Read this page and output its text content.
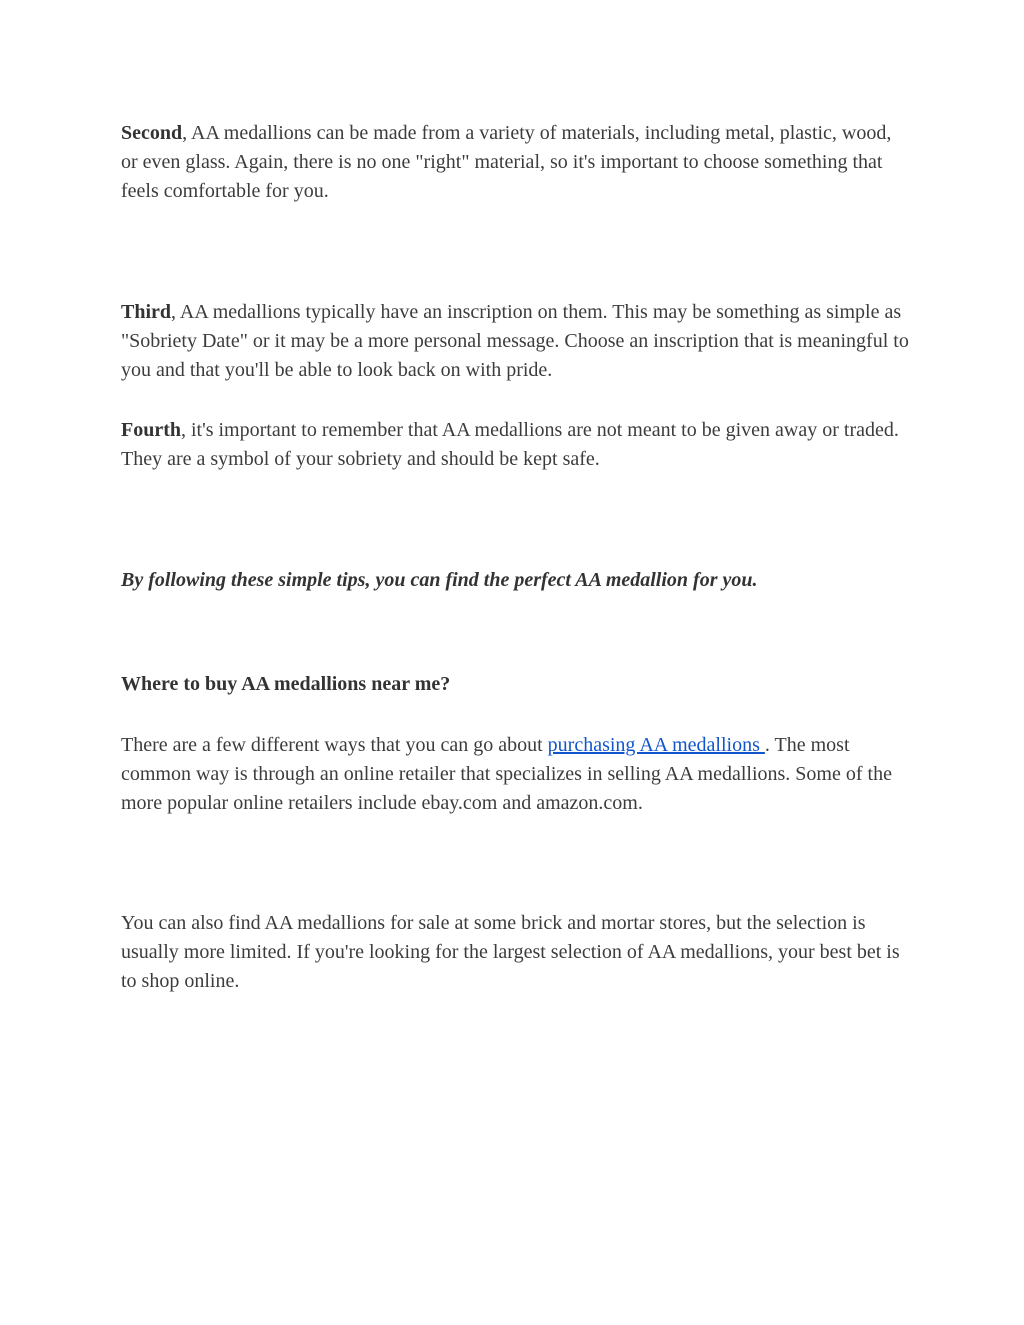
Second, AA medallions can be made from a variety of materials, including metal, plastic, wood, or even glass. Again, there is no one "right" material, so it's important to choose something that feels comfortable for you.

Third, AA medallions typically have an inscription on them. This may be something as simple as "Sobriety Date" or it may be a more personal message. Choose an inscription that is meaningful to you and that you'll be able to look back on with pride.

Fourth, it's important to remember that AA medallions are not meant to be given away or traded. They are a symbol of your sobriety and should be kept safe.

By following these simple tips, you can find the perfect AA medallion for you.

Where to buy AA medallions near me?

There are a few different ways that you can go about purchasing AA medallions . The most common way is through an online retailer that specializes in selling AA medallions. Some of the more popular online retailers include ebay.com and amazon.com.

You can also find AA medallions for sale at some brick and mortar stores, but the selection is usually more limited. If you're looking for the largest selection of AA medallions, your best bet is to shop online.
